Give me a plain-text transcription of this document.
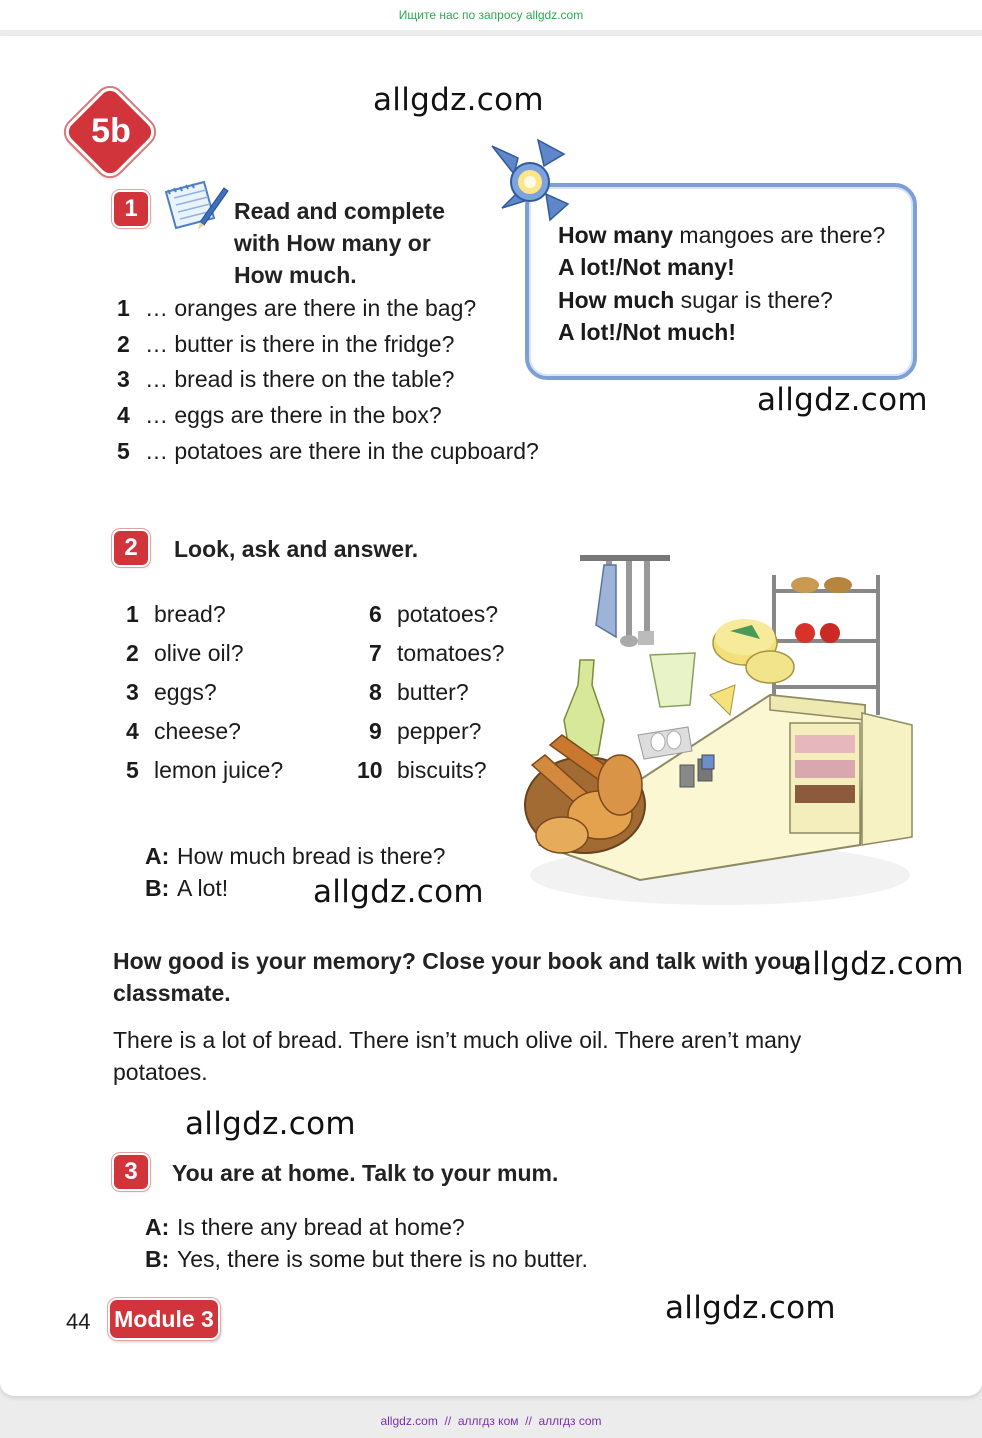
Ищите нас по запросу allgdz.com
allgdz.com
allgdz.com
allgdz.com
allgdz.com
allgdz.com
allgdz.com
5b
1	Read and complete
with How many or
How much.
1 … oranges are there in the bag?
2 … butter is there in the fridge?
3 … bread is there on the table?
4 … eggs are there in the box?
5 … potatoes are there in the cupboard?
How many mangoes are there?
A lot!/Not many!
How much sugar is there?
A lot!/Not much!
2	Look, ask and answer.
1 bread?
2 olive oil?
3 eggs?
4 cheese?
5 lemon juice?
6 potatoes?
7 tomatoes?
8 butter?
9 pepper?
10 biscuits?
A: How much bread is there?
B: A lot!
How good is your memory? Close your book and talk with your
classmate.
There is a lot of bread. There isn’t much olive oil. There aren’t many
potatoes.
3	You are at home. Talk to your mum.
A: Is there any bread at home?
B: Yes, there is some but there is no butter.
44 Module 3
allgdz.com  //  аллгдз ком  //  аллгдз com
